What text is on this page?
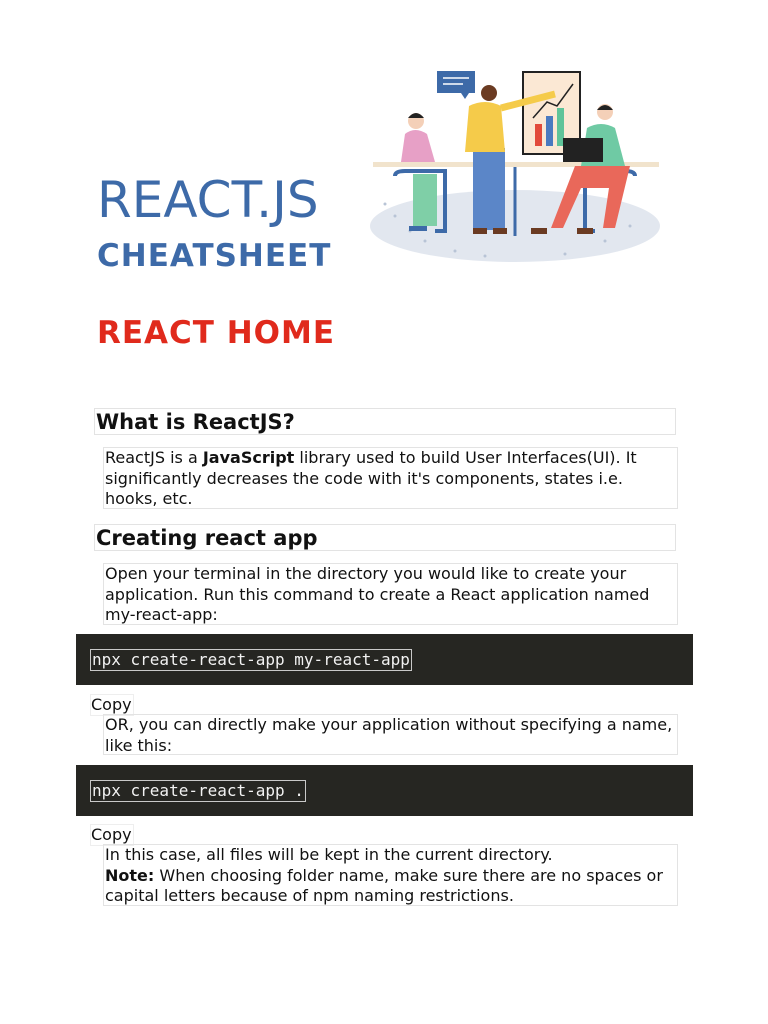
REACT.JS
CHEATSHEET
REACT HOME
What is ReactJS?
ReactJS is a JavaScript library used to build User Interfaces(UI). It significantly decreases the code with it's components, states i.e. hooks, etc.
Creating react app
Open your terminal in the directory you would like to create your application. Run this command to create a React application named my-react-app:
npx create-react-app my-react-app
Copy
OR, you can directly make your application without specifying a name, like this:
npx create-react-app .
Copy
In this case, all files will be kept in the current directory.
Note: When choosing folder name, make sure there are no spaces or capital letters because of npm naming restrictions.
